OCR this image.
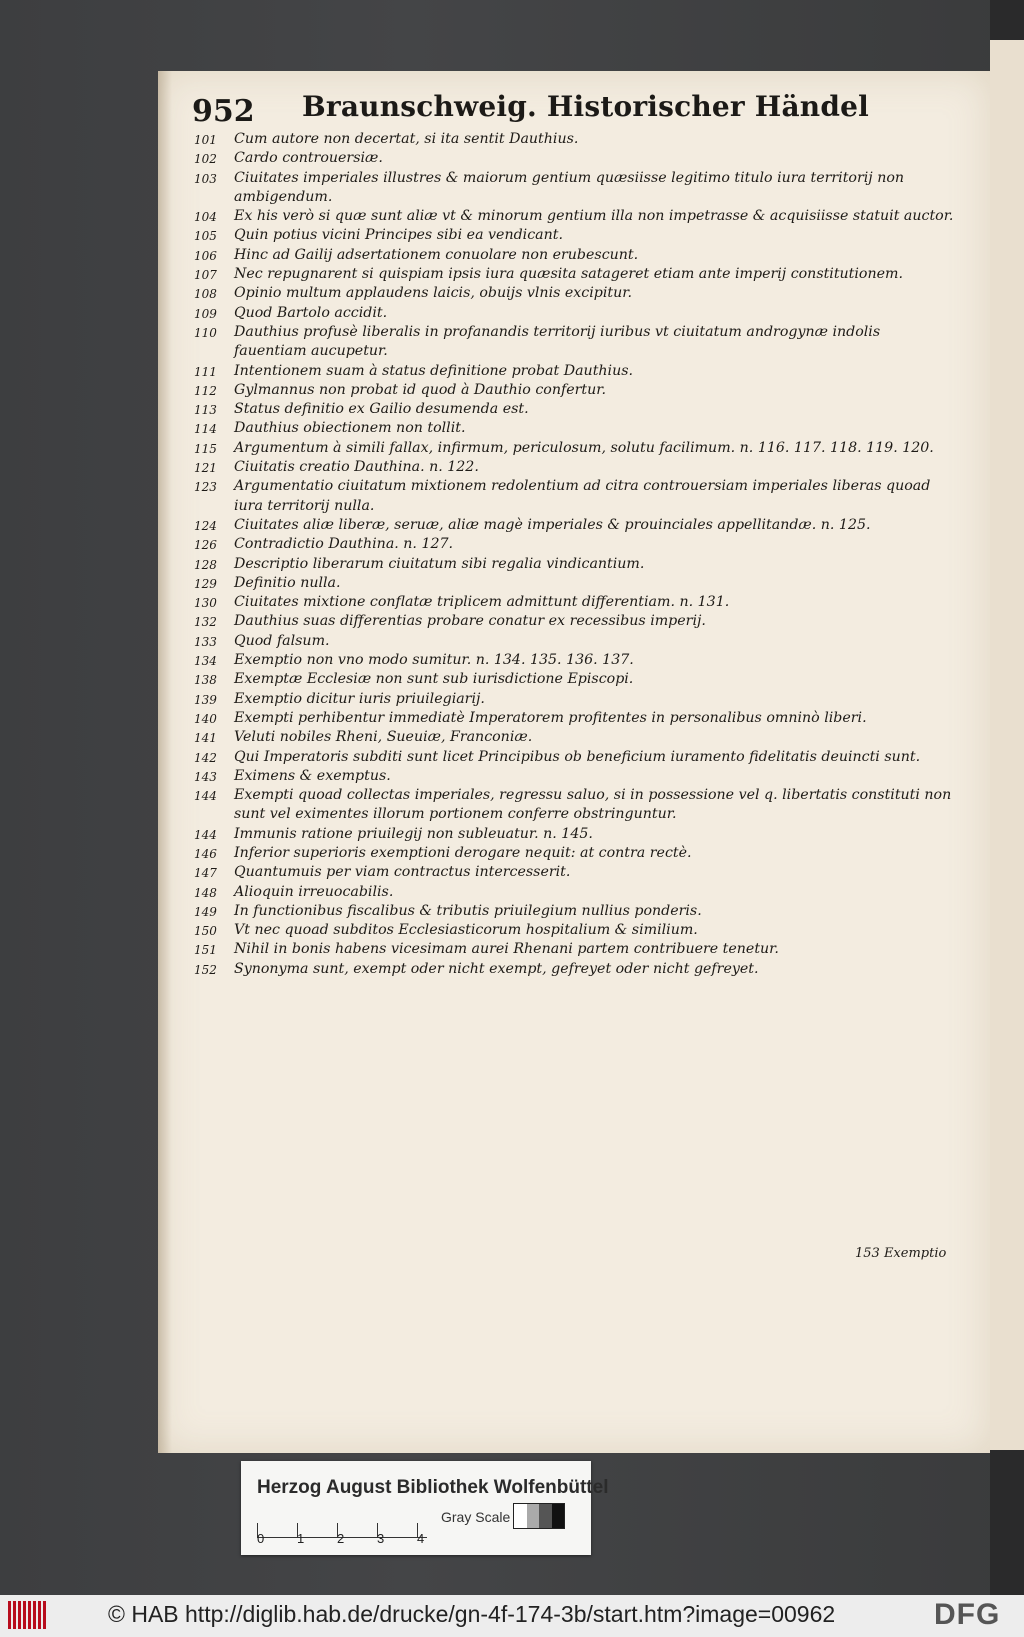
952 Braunschweig. Historischer Händel
101	Cum autore non decertat, si ita sentit Dauthius.
102	Cardo controuersiæ.
103	Ciuitates imperiales illustres & maiorum gentium quæsiisse legitimo titulo iura territorij non ambigendum.
104	Ex his verò si quæ sunt aliæ vt & minorum gentium illa non impetrasse & acquisiisse statuit auctor.
105	Quin potius vicini Principes sibi ea vendicant.
106	Hinc ad Gailij adsertationem conuolare non erubescunt.
107	Nec repugnarent si quispiam ipsis iura quæsita satageret etiam ante imperij constitutionem.
108	Opinio multum applaudens laicis, obuijs vlnis excipitur.
109	Quod Bartolo accidit.
110	Dauthius profusè liberalis in profanandis territorij iuribus vt ciuitatum androgynæ indolis fauentiam aucupetur.
111	Intentionem suam à status definitione probat Dauthius.
112	Gylmannus non probat id quod à Dauthio confertur.
113	Status definitio ex Gailio desumenda est.
114	Dauthius obiectionem non tollit.
115	Argumentum à simili fallax, infirmum, periculosum, solutu facilimum. n. 116. 117. 118. 119. 120.
121	Ciuitatis creatio Dauthina. n. 122.
123	Argumentatio ciuitatum mixtionem redolentium ad citra controuersiam imperiales liberas quoad iura territorij nulla.
124	Ciuitates aliæ liberæ, seruæ, aliæ magè imperiales & prouinciales appellitandæ. n. 125.
126	Contradictio Dauthina. n. 127.
128	Descriptio liberarum ciuitatum sibi regalia vindicantium.
129	Definitio nulla.
130	Ciuitates mixtione conflatæ triplicem admittunt differentiam. n. 131.
132	Dauthius suas differentias probare conatur ex recessibus imperij.
133	Quod falsum.
134	Exemptio non vno modo sumitur. n. 134. 135. 136. 137.
138	Exemptæ Ecclesiæ non sunt sub iurisdictione Episcopi.
139	Exemptio dicitur iuris priuilegiarij.
140	Exempti perhibentur immediatè Imperatorem profitentes in personalibus omninò liberi.
141	Veluti nobiles Rheni, Sueuiæ, Franconiæ.
142	Qui Imperatoris subditi sunt licet Principibus ob beneficium iuramento fidelitatis deuincti sunt.
143	Eximens & exemptus.
144	Exempti quoad collectas imperiales, regressu saluo, si in possessione vel q. libertatis constituti non sunt vel eximentes illorum portionem conferre obstringuntur.
144	Immunis ratione priuilegij non subleuatur. n. 145.
146	Inferior superioris exemptioni derogare nequit: at contra rectè.
147	Quantumuis per viam contractus intercesserit.
148	Alioquin irreuocabilis.
149	In functionibus fiscalibus & tributis priuilegium nullius ponderis.
150	Vt nec quoad subditos Ecclesiasticorum hospitalium & similium.
151	Nihil in bonis habens vicesimam aurei Rhenani partem contribuere tenetur.
152	Synonyma sunt, exempt oder nicht exempt, gefreyet oder nicht gefreyet.
153 Exemptio
Herzog August Bibliothek Wolfenbüttel
0	1	2	3	4
Gray Scale
© HAB http://diglib.hab.de/drucke/gn-4f-174-3b/start.htm?image=00962	DFG
